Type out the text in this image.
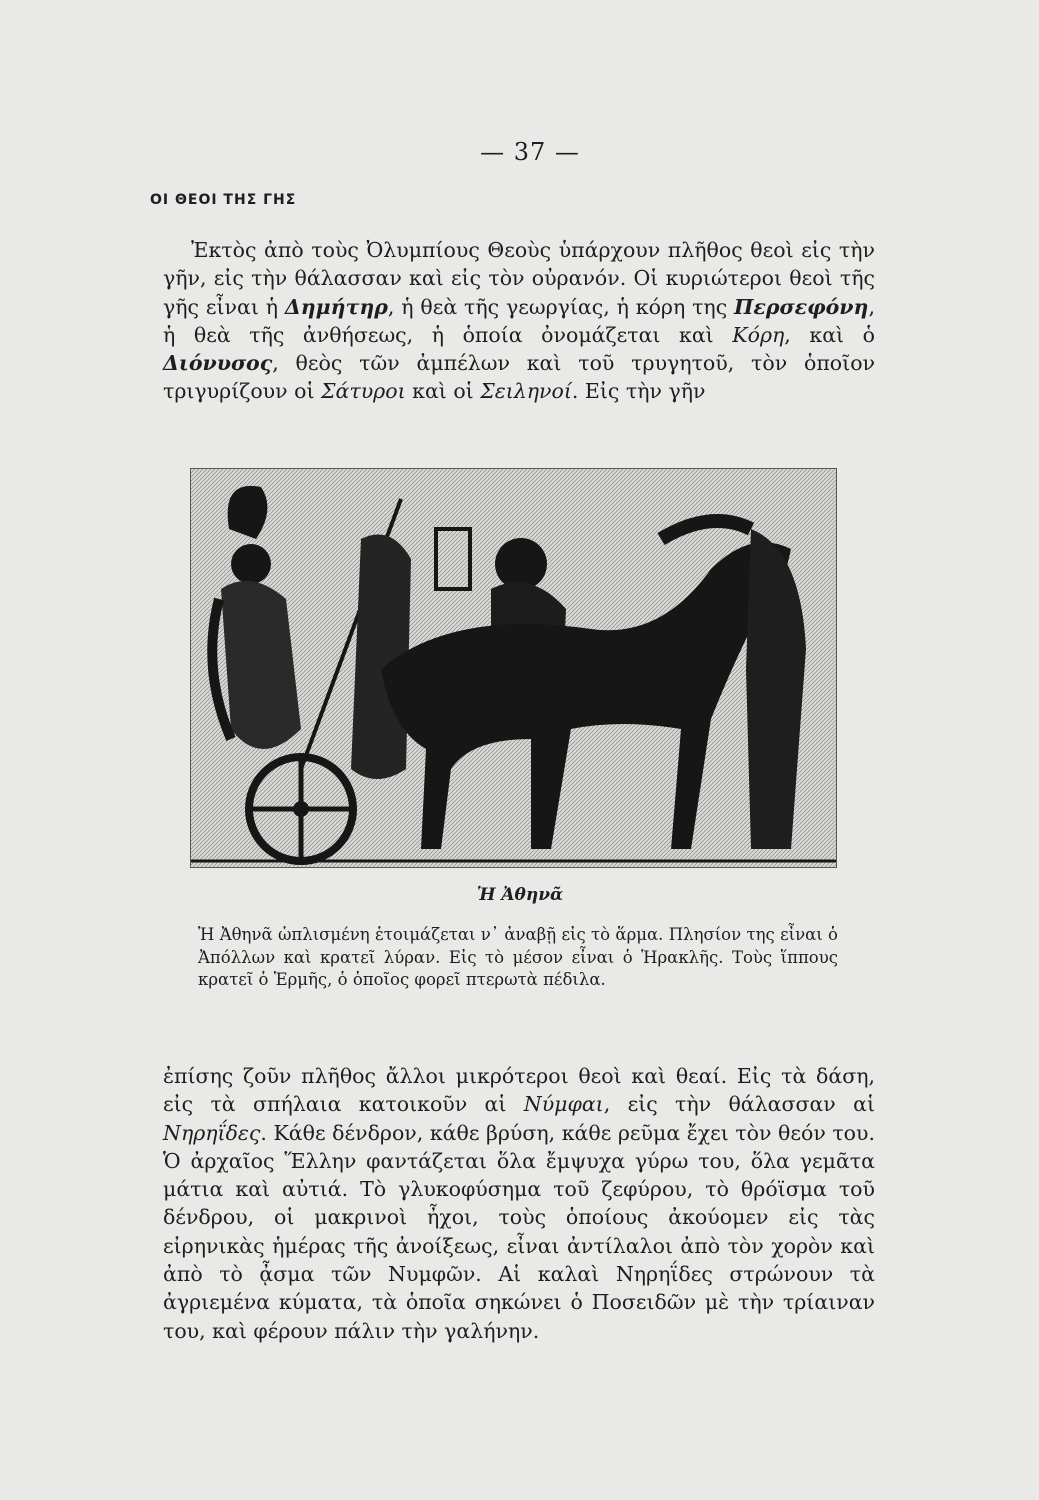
— 37 —
ΟΙ ΘΕΟΙ ΤΗΣ ΓΗΣ
Ἐκτὸς ἀπὸ τοὺς Ὀλυμπίους Θεοὺς ὑπάρχουν πλῆθος θεοὶ εἰς τὴν γῆν, εἰς τὴν θάλασσαν καὶ εἰς τὸν οὐρανόν. Οἱ κυριώτεροι θεοὶ τῆς γῆς εἶναι ἡ Δημήτηρ, ἡ θεὰ τῆς γεωργίας, ἡ κόρη της Περσεφόνη, ἡ θεὰ τῆς ἀνθήσεως, ἡ ὁποία ὀνομάζεται καὶ Κόρη, καὶ ὁ Διόνυσος, θεὸς τῶν ἀμπέλων καὶ τοῦ τρυγητοῦ, τὸν ὁποῖον τριγυρίζουν οἱ Σάτυροι καὶ οἱ Σειληνοί. Εἰς τὴν γῆν
Ἡ Ἀθηνᾶ
Ἡ Ἀθηνᾶ ὡπλισμένη ἑτοιμάζεται ν᾽ ἀναβῇ εἰς τὸ ἅρμα. Πλησίον της εἶναι ὁ Ἀπόλλων καὶ κρατεῖ λύραν. Εἰς τὸ μέσον εἶναι ὁ Ἡρακλῆς. Τοὺς ἵππους κρατεῖ ὁ Ἑρμῆς, ὁ ὁποῖος φορεῖ πτερωτὰ πέδιλα.
ἐπίσης ζοῦν πλῆθος ἄλλοι μικρότεροι θεοὶ καὶ θεαί. Εἰς τὰ δάση, εἰς τὰ σπήλαια κατοικοῦν αἱ Νύμφαι, εἰς τὴν θάλασσαν αἱ Νηρηΐδες. Κάθε δένδρον, κάθε βρύση, κάθε ρεῦμα ἔχει τὸν θεόν του. Ὁ ἀρχαῖος Ἕλλην φαντάζεται ὅλα ἔμψυχα γύρω του, ὅλα γεμᾶτα μάτια καὶ αὐτιά. Τὸ γλυκοφύσημα τοῦ ζεφύρου, τὸ θρόϊσμα τοῦ δένδρου, οἱ μακρινοὶ ἦχοι, τοὺς ὁποίους ἀκούομεν εἰς τὰς εἰρηνικὰς ἡμέρας τῆς ἀνοίξεως, εἶναι ἀντίλαλοι ἀπὸ τὸν χορὸν καὶ ἀπὸ τὸ ᾆσμα τῶν Νυμφῶν. Αἱ καλαὶ Νηρηΐδες στρώνουν τὰ ἀγριεμένα κύματα, τὰ ὁποῖα σηκώνει ὁ Ποσειδῶν μὲ τὴν τρίαιναν του, καὶ φέρουν πάλιν τὴν γαλήνην.
